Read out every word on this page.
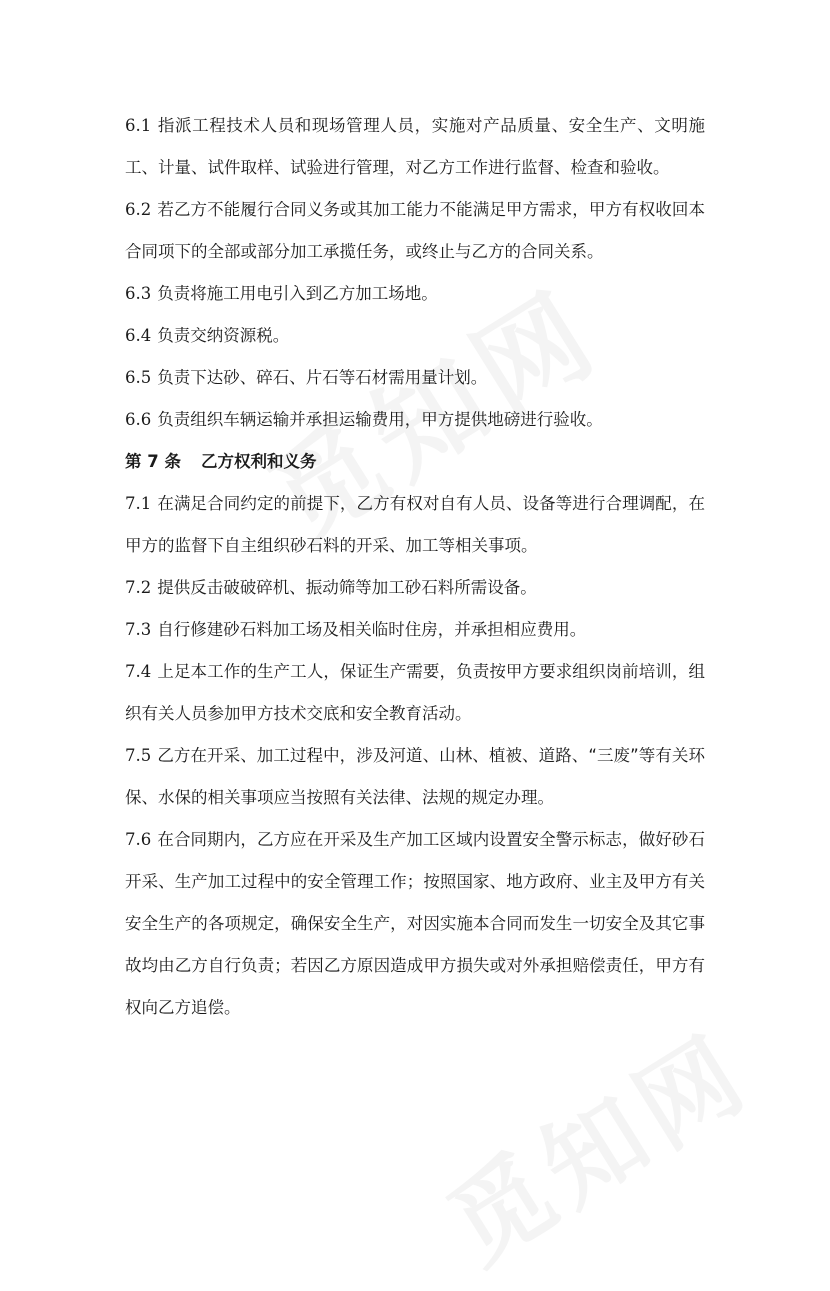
6.1 指派工程技术人员和现场管理人员，实施对产品质量、安全生产、文明施工、计量、试件取样、试验进行管理，对乙方工作进行监督、检查和验收。

6.2 若乙方不能履行合同义务或其加工能力不能满足甲方需求，甲方有权收回本合同项下的全部或部分加工承揽任务，或终止与乙方的合同关系。

6.3 负责将施工用电引入到乙方加工场地。

6.4 负责交纳资源税。

6.5 负责下达砂、碎石、片石等石材需用量计划。

6.6 负责组织车辆运输并承担运输费用，甲方提供地磅进行验收。

第 7 条 乙方权利和义务

7.1 在满足合同约定的前提下，乙方有权对自有人员、设备等进行合理调配，在甲方的监督下自主组织砂石料的开采、加工等相关事项。

7.2 提供反击破破碎机、振动筛等加工砂石料所需设备。

7.3 自行修建砂石料加工场及相关临时住房，并承担相应费用。

7.4 上足本工作的生产工人，保证生产需要，负责按甲方要求组织岗前培训，组织有关人员参加甲方技术交底和安全教育活动。

7.5 乙方在开采、加工过程中，涉及河道、山林、植被、道路、“三废”等有关环保、水保的相关事项应当按照有关法律、法规的规定办理。

7.6 在合同期内，乙方应在开采及生产加工区域内设置安全警示标志，做好砂石开采、生产加工过程中的安全管理工作；按照国家、地方政府、业主及甲方有关安全生产的各项规定，确保安全生产，对因实施本合同而发生一切安全及其它事故均由乙方自行负责；若因乙方原因造成甲方损失或对外承担赔偿责任，甲方有权向乙方追偿。
